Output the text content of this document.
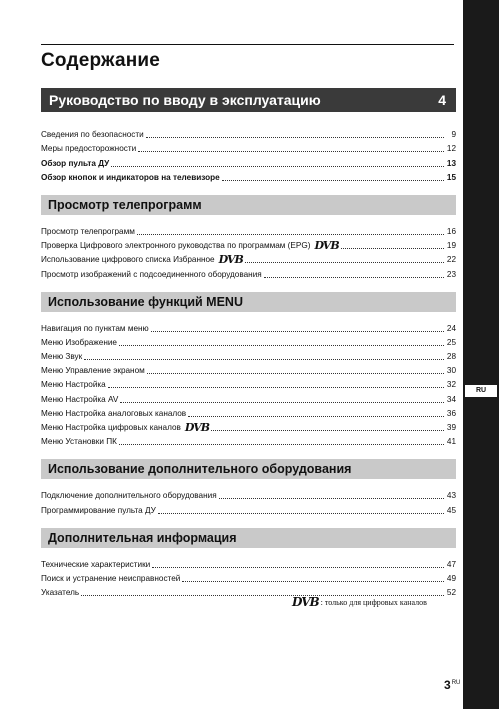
RU
Содержание
Руководство по вводу в эксплуатацию	4
Сведения по безопасности	9
Меры предосторожности	12
Обзор пульта ДУ	13
Обзор кнопок и индикаторов на телевизоре	15
Просмотр телепрограмм
Просмотр телепрограмм	16
Проверка Цифрового электронного руководства по программам (EPG) DVB	19
Использование цифрового списка Избранное DVB	22
Просмотр изображений с подсоединенного оборудования	23
Использование функций MENU
Навигация по пунктам меню	24
Меню Изображение	25
Меню Звук	28
Меню Управление экраном	30
Меню Настройка	32
Меню Настройка AV	34
Меню Настройка аналоговых каналов	36
Меню Настройка цифровых каналов DVB	39
Меню Установки ПК	41
Использование дополнительного оборудования
Подключение дополнительного оборудования	43
Программирование пульта ДУ	45
Дополнительная информация
Технические характеристики	47
Поиск и устранение неисправностей	49
Указатель	52
DVB : только для цифровых каналов
$3^{RU}$
